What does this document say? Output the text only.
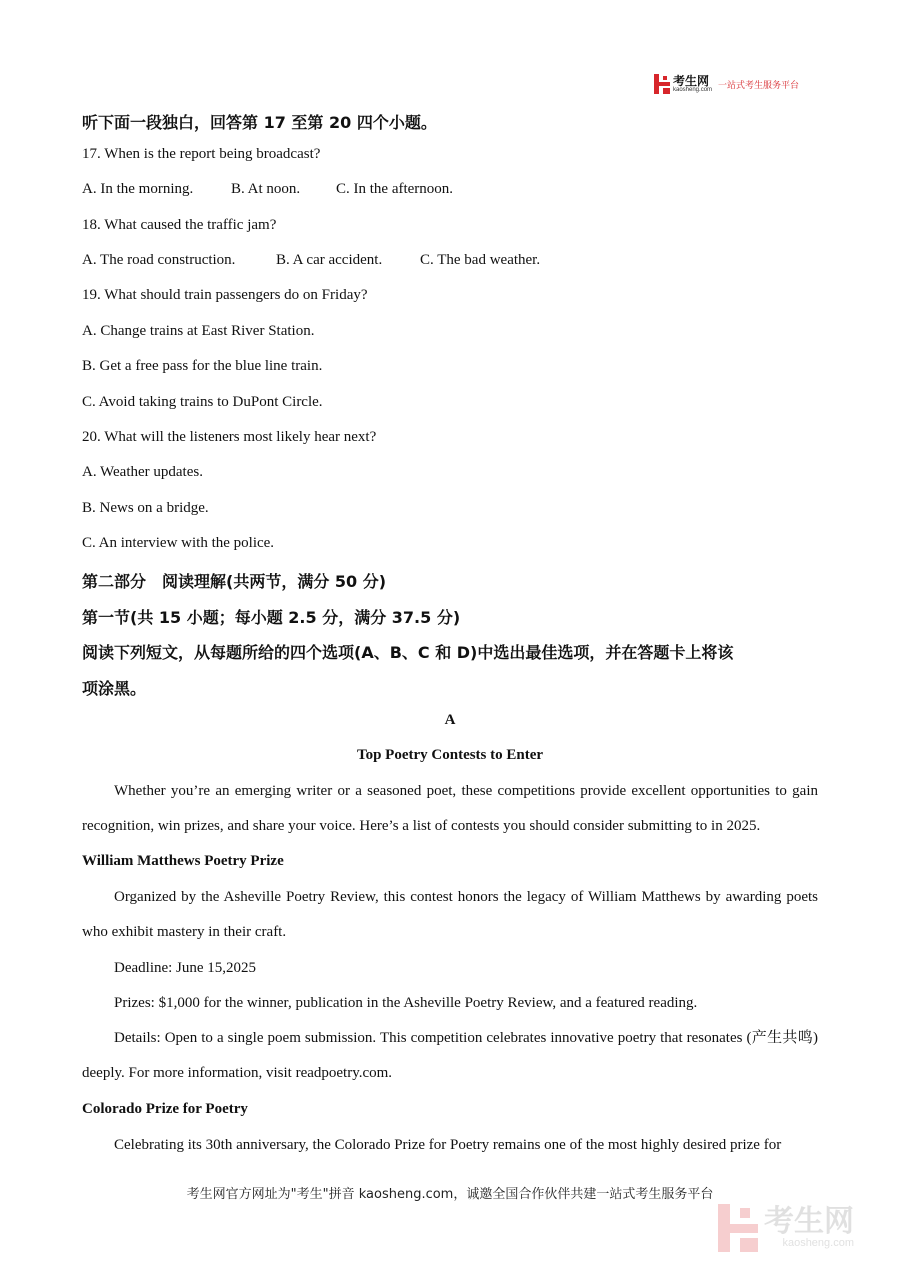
考生网
kaosheng.com 一站式考生服务平台
听下面一段独白，回答第 17 至第 20 四个小题。
17. When is the report being broadcast?
A. In the morning.	B. At noon. C. In the afternoon.
18. What caused the traffic jam?
A. The road construction.	B. A car accident.	C. The bad weather.
19. What should train passengers do on Friday?
A. Change trains at East River Station.
B. Get a free pass for the blue line train.
C. Avoid taking trains to DuPont Circle.
20. What will the listeners most likely hear next?
A. Weather updates.
B. News on a bridge.
C. An interview with the police.
第二部分　阅读理解(共两节，满分 50 分)
第一节(共 15 小题；每小题 2.5 分，满分 37.5 分)
阅读下列短文，从每题所给的四个选项(A、B、C 和 D)中选出最佳选项，并在答题卡上将该
项涂黑。
A
Top Poetry Contests to Enter
Whether you’re an emerging writer or a seasoned poet, these competitions provide excellent opportunities to gain recognition, win prizes, and share your voice. Here’s a list of contests you should consider submitting to in 2025.
William Matthews Poetry Prize
Organized by the Asheville Poetry Review, this contest honors the legacy of William Matthews by awarding poets who exhibit mastery in their craft.
Deadline: June 15,2025
Prizes: $1,000 for the winner, publication in the Asheville Poetry Review, and a featured reading.
Details: Open to a single poem submission. This competition celebrates innovative poetry that resonates (产生共鸣) deeply. For more information, visit readpoetry.com.
Colorado Prize for Poetry
Celebrating its 30th anniversary, the Colorado Prize for Poetry remains one of the most highly desired prize for
考生网官方网址为"考生"拼音 kaosheng.com，诚邀全国合作伙伴共建一站式考生服务平台
考生网
kaosheng.com
